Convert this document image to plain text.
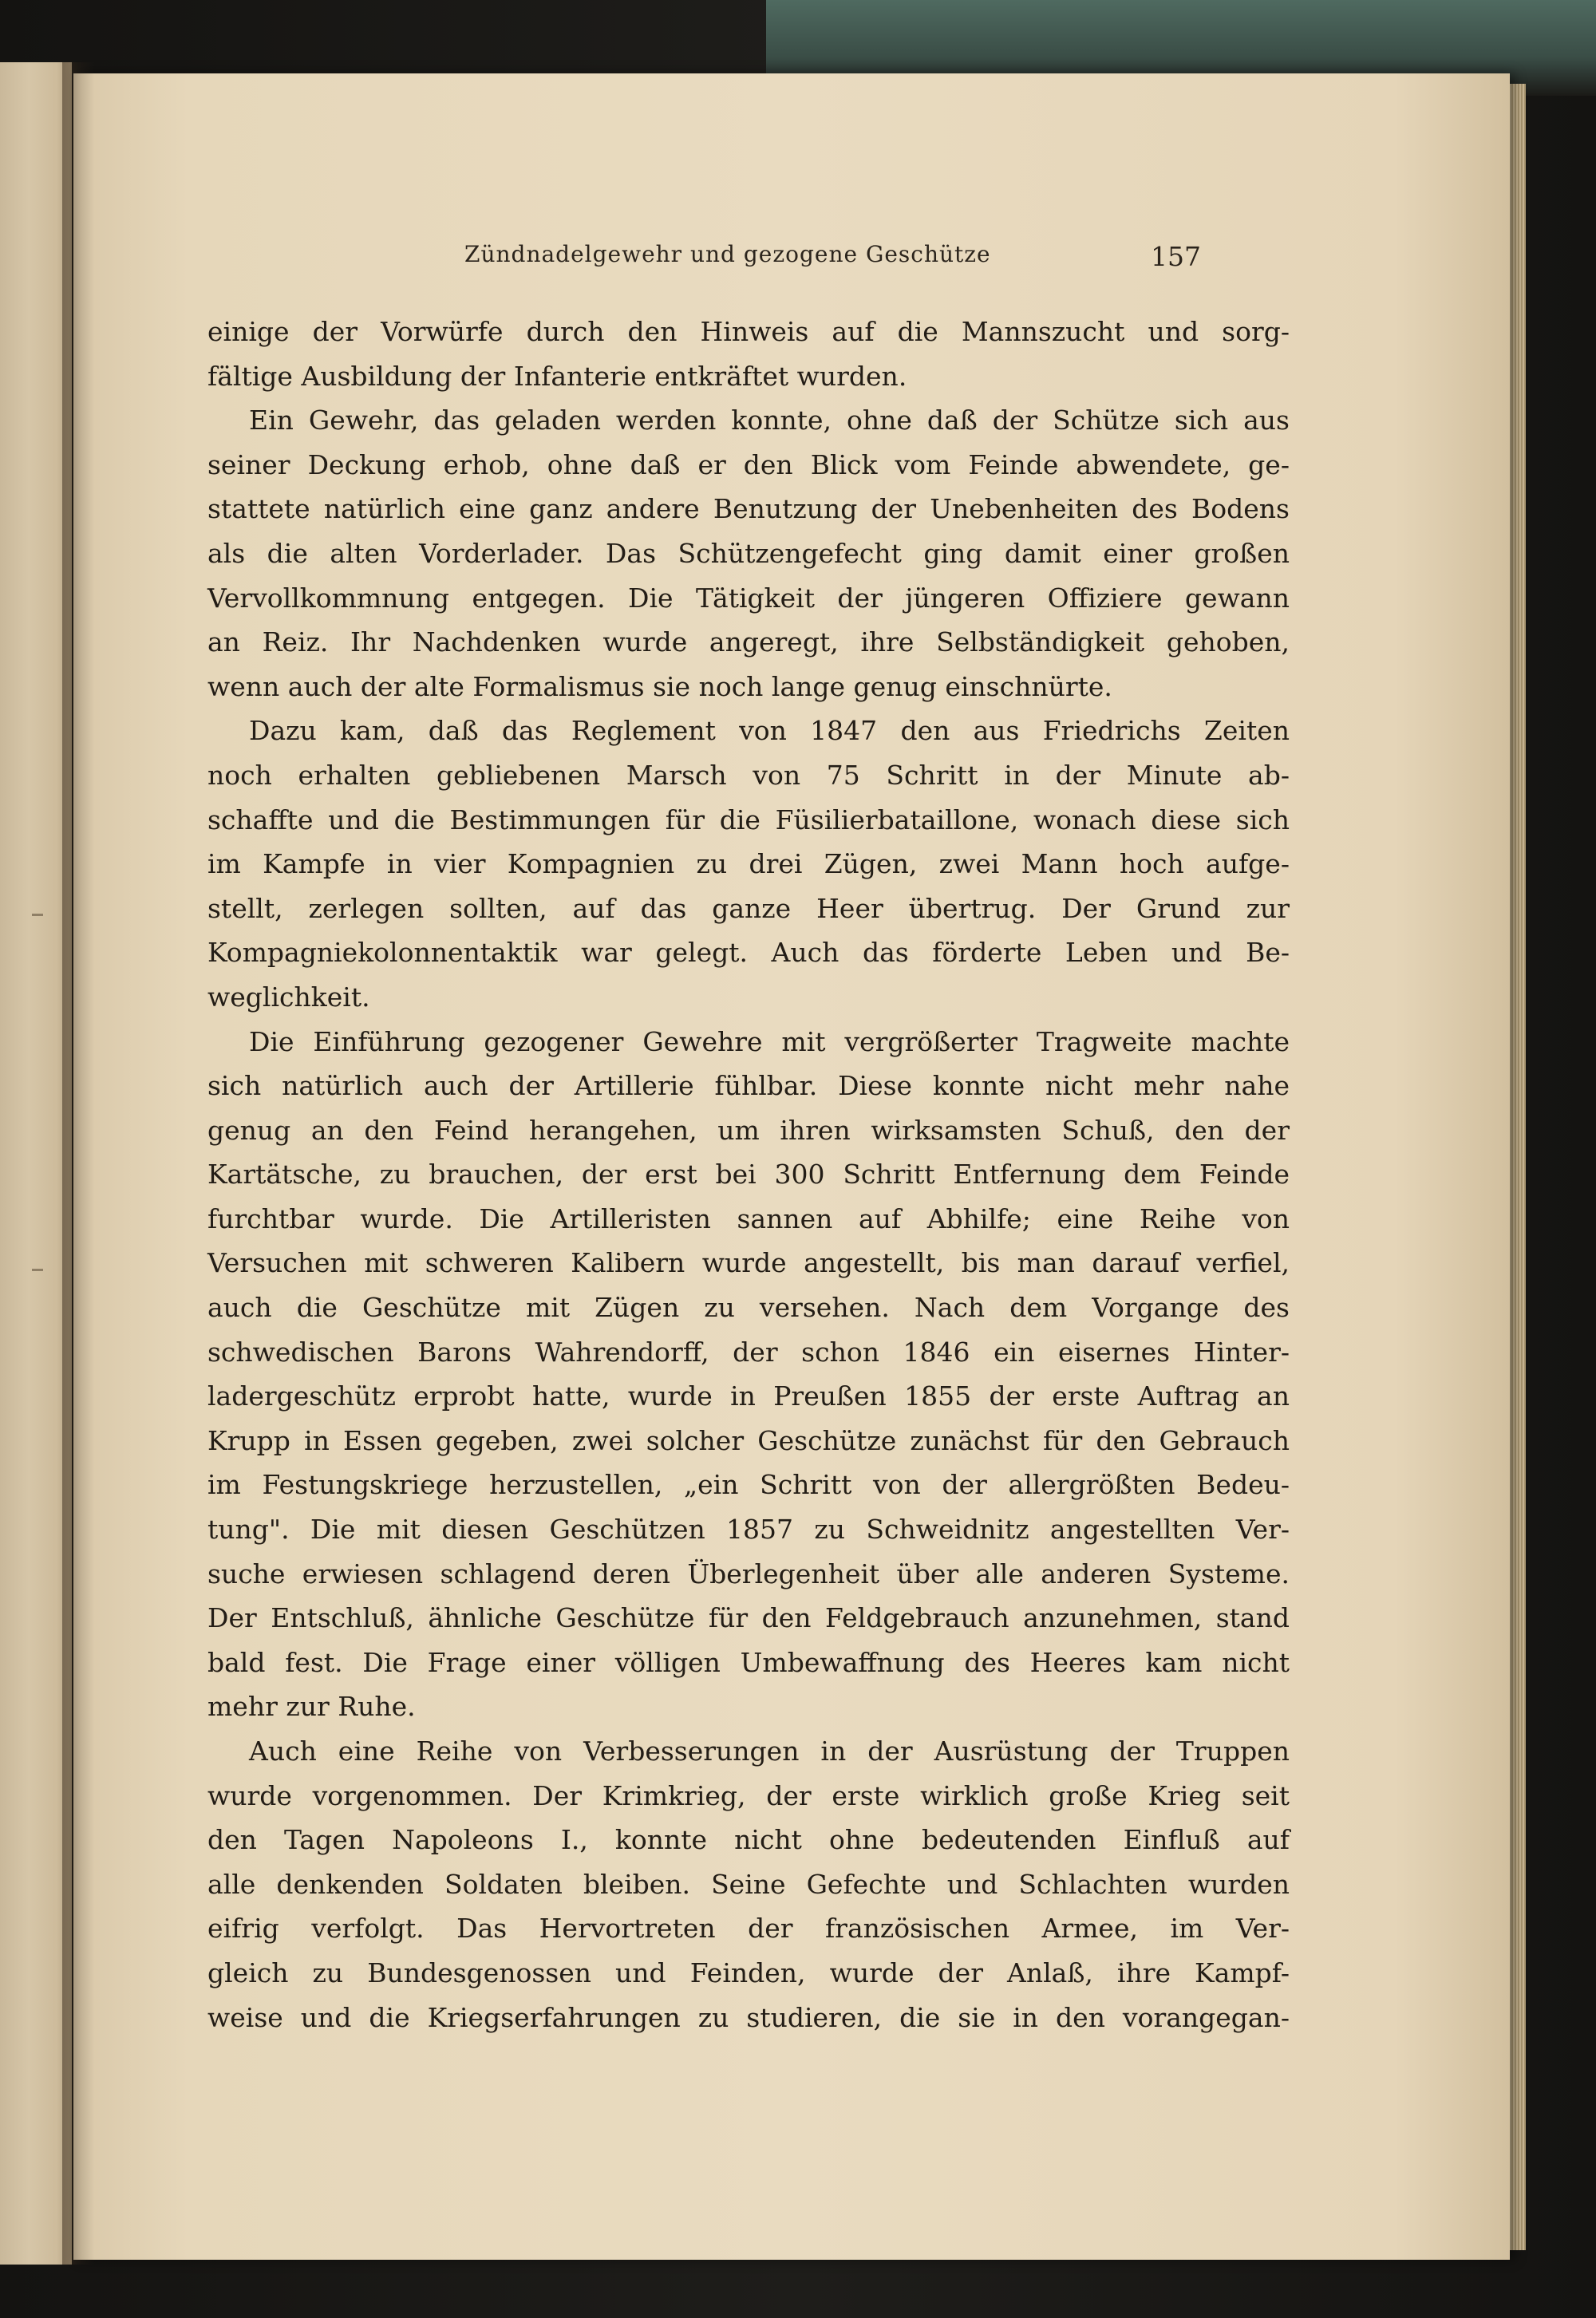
Zündnadelgewehr und gezogene Geschütze	157
einige der Vorwürfe durch den Hinweis auf die Mannszucht und sorg-
fältige Ausbildung der Infanterie entkräftet wurden.
Ein Gewehr, das geladen werden konnte, ohne daß der Schütze sich aus
seiner Deckung erhob, ohne daß er den Blick vom Feinde abwendete, ge-
stattete natürlich eine ganz andere Benutzung der Unebenheiten des Bodens
als die alten Vorderlader. Das Schützengefecht ging damit einer großen
Vervollkommnung entgegen. Die Tätigkeit der jüngeren Offiziere gewann
an Reiz. Ihr Nachdenken wurde angeregt, ihre Selbständigkeit gehoben,
wenn auch der alte Formalismus sie noch lange genug einschnürte.
Dazu kam, daß das Reglement von 1847 den aus Friedrichs Zeiten
noch erhalten gebliebenen Marsch von 75 Schritt in der Minute ab-
schaffte und die Bestimmungen für die Füsilierbataillone, wonach diese sich
im Kampfe in vier Kompagnien zu drei Zügen, zwei Mann hoch aufge-
stellt, zerlegen sollten, auf das ganze Heer übertrug. Der Grund zur
Kompagniekolonnentaktik war gelegt. Auch das förderte Leben und Be-
weglichkeit.
Die Einführung gezogener Gewehre mit vergrößerter Tragweite machte
sich natürlich auch der Artillerie fühlbar. Diese konnte nicht mehr nahe
genug an den Feind herangehen, um ihren wirksamsten Schuß, den der
Kartätsche, zu brauchen, der erst bei 300 Schritt Entfernung dem Feinde
furchtbar wurde. Die Artilleristen sannen auf Abhilfe; eine Reihe von
Versuchen mit schweren Kalibern wurde angestellt, bis man darauf verfiel,
auch die Geschütze mit Zügen zu versehen. Nach dem Vorgange des
schwedischen Barons Wahrendorff, der schon 1846 ein eisernes Hinter-
ladergeschütz erprobt hatte, wurde in Preußen 1855 der erste Auftrag an
Krupp in Essen gegeben, zwei solcher Geschütze zunächst für den Gebrauch
im Festungskriege herzustellen, „ein Schritt von der allergrößten Bedeu-
tung". Die mit diesen Geschützen 1857 zu Schweidnitz angestellten Ver-
suche erwiesen schlagend deren Überlegenheit über alle anderen Systeme.
Der Entschluß, ähnliche Geschütze für den Feldgebrauch anzunehmen, stand
bald fest. Die Frage einer völligen Umbewaffnung des Heeres kam nicht
mehr zur Ruhe.
Auch eine Reihe von Verbesserungen in der Ausrüstung der Truppen
wurde vorgenommen. Der Krimkrieg, der erste wirklich große Krieg seit
den Tagen Napoleons I., konnte nicht ohne bedeutenden Einfluß auf
alle denkenden Soldaten bleiben. Seine Gefechte und Schlachten wurden
eifrig verfolgt. Das Hervortreten der französischen Armee, im Ver-
gleich zu Bundesgenossen und Feinden, wurde der Anlaß, ihre Kampf-
weise und die Kriegserfahrungen zu studieren, die sie in den vorangegan-
